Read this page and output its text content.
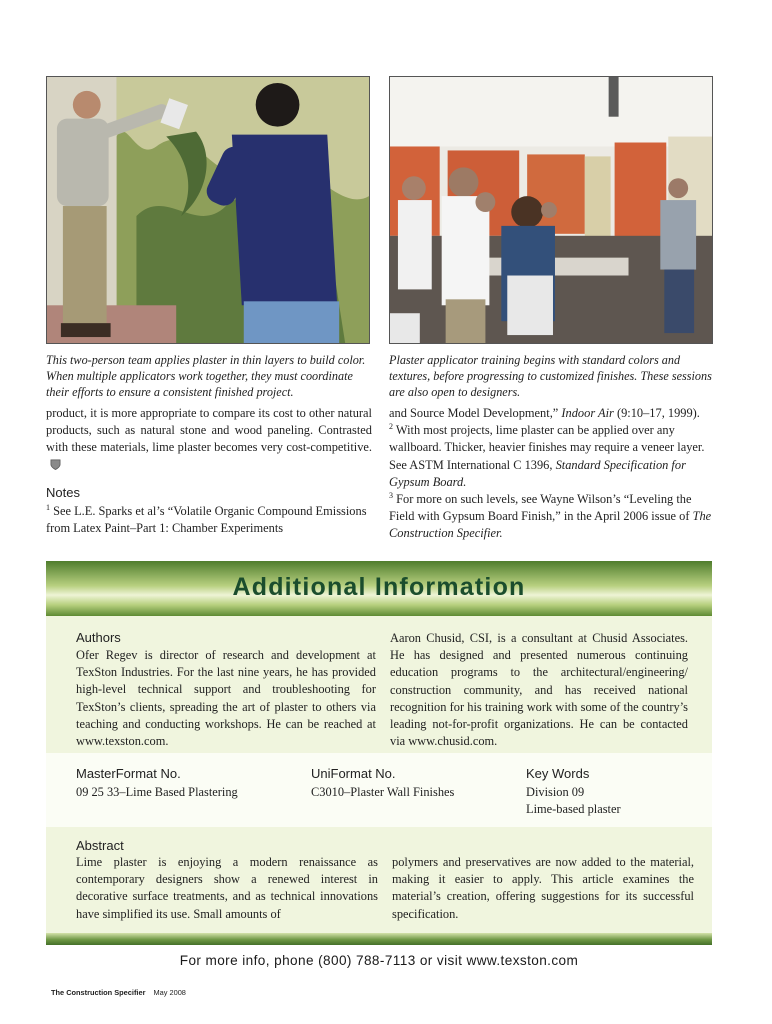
This two-person team applies plaster in thin layers to build color. When multiple applicators work together, they must coordinate their efforts to ensure a consistent finished project.

Plaster applicator training begins with standard colors and textures, before progressing to customized finishes. These sessions are also open to designers.

product, it is more appropriate to compare its cost to other natural products, such as natural stone and wood paneling. Contrasted with these materials, lime plaster becomes very cost-competitive.

Notes

$^1$ See L.E. Sparks et al’s “Volatile Organic Compound Emissions from Latex Paint–Part 1: Chamber Experiments

and Source Model Development,” Indoor Air (9:10–17, 1999).

$^2$ With most projects, lime plaster can be applied over any wallboard. Thicker, heavier finishes may require a veneer layer. See ASTM International C 1396, Standard Specification for Gypsum Board.

$^3$ For more on such levels, see Wayne Wilson’s “Leveling the Field with Gypsum Board Finish,” in the April 2006 issue of The Construction Specifier.

Additional Information
Authors
Ofer Regev is director of research and development at TexSton Industries. For the last nine years, he has provided high-level technical support and troubleshooting for TexSton’s clients, spreading the art of plaster to others via teaching and conducting workshops. He can be reached at www.texston.com.
Aaron Chusid, CSI, is a consultant at Chusid Associates. He has designed and presented numerous continuing education programs to the architectural/engineering/ construction community, and has received national recognition for his training work with some of the country’s leading not-for-profit organizations. He can be contacted via www.chusid.com.
MasterFormat No.
09 25 33–Lime Based Plastering
UniFormat No.
C3010–Plaster Wall Finishes
Key Words
Division 09
Lime-based plaster
Abstract
Lime plaster is enjoying a modern renaissance as contemporary designers show a renewed interest in decorative surface treatments, and as technical innovations have simplified its use. Small amounts of
polymers and preservatives are now added to the material, making it easier to apply. This article examines the material’s creation, offering suggestions for its successful specification.
For more info, phone (800) 788-7113 or visit www.texston.com
The Construction Specifier May 2008
